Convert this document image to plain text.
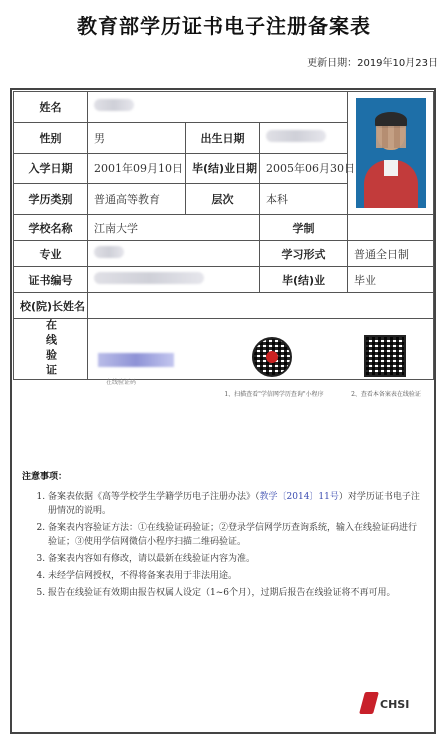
教育部学历证书电子注册备案表
更新日期：2019年10月23日
姓名				

性别	男	出生日期		
入学日期	2001年09月10日	毕(结)业日期	2005年06月30日	
学历类别	普通高等教育	层次	本科	
学校名称	江南大学		学制	
专业			学习形式	普通全日制
证书编号			毕(结)业	毕业
校(院)长姓名				

在线验证	在线验证码
1、扫描查看"学信网学历查询"小程序 2、查看本备案表在线验证			
注意事项：
1. 备案表依据《高等学校学生学籍学历电子注册办法》（教学〔2014〕11号）对学历证书电子注册情况的说明。
2. 备案表内容验证方法：①在线验证码验证；②登录学信网学历查询系统，输入在线验证码进行验证；③使用学信网微信小程序扫描二维码验证。
3. 备案表内容如有修改，请以最新在线验证内容为准。
4. 未经学信网授权，不得将备案表用于非法用途。
5. 报告在线验证有效期由报告权属人设定（1~6个月），过期后报告在线验证将不再可用。
CHSI
